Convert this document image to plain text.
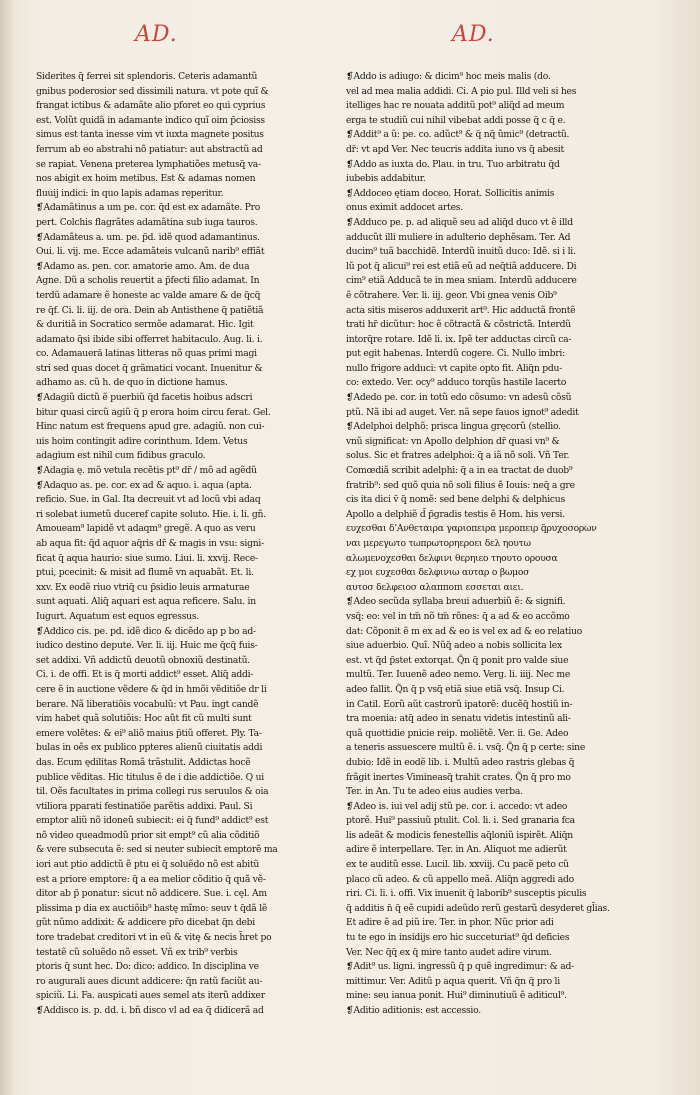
AD.	AD.
Siderites q̃ ferrei sit splendoris. Ceteris adamantũ
gnibus poderosior sed dissimili natura. vt pote quĩ &
frangat ictibus & adamãte alio pforet eo qui cyprius
est. Volũt quidã in adamante indico quĩ oim p̃ciosiss
simus est tanta inesse vim vt iuxta magnete positus
ferrum ab eo abstrahi nõ patiatur: aut abstractũ ad
se rapiat. Venena preterea lymphatiões metusq̃ va-
nos abigit ex hoim metibus. Est & adamas nomen
fluuij indici: in quo lapis adamas reperitur.
❡Adamãtinus a um pe. cor. q̃d est ex adamãte. Pro
pert. Colchis flagrãtes adamãtina sub iuga tauros.
❡Adamãteus a. um. pe. p̃d. idẽ quod adamantinus.
Oui. li. vij. me. Ecce adamãteis vulcanũ narib⁹ effiãt
❡Adamo as. pen. cor. amatorie amo. Am. de dua
Agne. Dũ a scholis reuertit a p̃fecti filio adamat. In
terdũ adamare ẽ honeste ac valde amare & de q̃cq̃
re q̃f. Ci. li. iij. de ora. Dein ab Antisthene q̃ patiẽtiã
& duritiã in Socratico sermõe adamarat. Hic. Igit
adamato q̃si ibide sibi offerret habitaculo. Aug. li. i.
co. Adamaueră latinas litteras nõ quas primi magi
stri sed quas docet q̃ grãmatici vocant. Inuenitur &
adhamo as. cũ h. de quo in dictione hamus.
❡Adagiũ dictũ ẽ puerbiũ q̃d facetis hoibus adscri
bitur quasi circũ agiũ q̃ p erora hoim circu ferat. Gel.
Hinc natum est frequens apud gre. adagiũ. non cui-
uis hoim contingit adire corinthum. Idem. Vetus
adagium est nihil cum fidibus graculo.
❡Adagia ę. mõ vetula recẽtis pt⁹ dr̃ / mõ ad agẽdũ
❡Adaquo as. pe. cor. ex ad & aquo. i. aqua (apta.
reficio. Sue. in Gal. Ita decreuit vt ad locũ vbi adaq
ri solebat iumetũ duceref capite soluto. Hie. i. li. gñ.
Amoueam⁹ lapidẽ vt adaqm⁹ gregẽ. A quo as veru
ab aqua fit: q̃d aquor aq̃ris dr̃ & magis in vsu: signi-
ficat q̃ aqua haurio: siue sumo. Liui. li. xxvij. Rece-
ptui, pcecinit: & misit ad flumẽ vn aquabãt. Et. li.
xxv. Ex eodẽ riuo vtriq̃ cu p̃sidio leuis armaturae
sunt aquati. Aliq̃ aquari est aqua reficere. Salu. in
Iugurt. Aquatum est equos egressus.
❡Addico cis. pe. pd. idẽ dico & dicẽdo ap p bo ad-
iudico destino depute. Ver. li. iij. Huic me q̃cq̃ fuis-
set addixi. Vñ addictũ deuotũ obnoxiũ destinatũ.
Ci. i. de offi. Et is q̃ morti addict⁹ esset. Aliq̃ addi-
cere ẽ in auctione vẽdere & q̃d in hmõi vẽditiõe dr li
berare. Nã liberatiõis vocabulũ: vt Pau. ingt candẽ
vim habet quã solutiõis: Hoc aũt fit cũ multi sunt
emere volẽtes: & ei⁹ aliõ maius p̃tiũ offeret. Ply. Ta-
bulas in oẽs ex publico ppteres alienũ ciuitatis addi
das. Ecum ędilitas Romã trãstulit. Addictas hocẽ
publice vẽditas. Hic titulus ẽ de i die addictiõe. Q ui
til. Oẽs facultates in prima collegi rus seruulos & oia
vtiliora pparati festinatiõe parẽtis addixi. Paul. Si
emptor aliũ nõ idoneũ subiecit: ei q̃ fund⁹ addict⁹ est
nõ video queadmodũ prior sit empt⁹ cũ alia cõditiõ
& vere subsecuta ẽ: sed si neuter subiecit emptorẽ ma
iori aut ptio addictũ ẽ ptu ei q̃ soluẽdo nõ est abitũ
est a priore emptore: q̃ a ea melior cõditio q̃ quã vẽ-
ditor ab p̃ ponatur: sicut nõ addicere. Sue. i. cęl. Am
plissima p dia ex auctiõib⁹ hastę mĩmo: seuv t q̃dã lẽ
gũt nũmo addixit: & addicere pr̃o dicebat q̃n debi
tore tradebat creditori vt in eũ & vitę & necis h̃ret po
testatẽ cũ soluẽdo nõ esset. Vñ ex trib⁹ verbis
ptoris q̃ sunt hec. Do: dico: addico. In disciplina ve
ro augurali aues dicunt addicere: q̃n ratũ faciũt au-
spiciũ. Li. Fa. auspicati aues semel ats iterũ addixer
❡Addisco is. p. dd. i. bñ disco vl ad ea q̃ didicerã ad
❡Addo is adiugo: & dicim⁹ hoc meis malis (do.
vel ad mea malia addidi. Ci. A pio pul. Illd veli si hes
itelliges hac re nouata additũ pot⁹ aliq̃d ad meum
erga te studiũ cui nihil vibebat addi posse q̃ c q̃ e.
❡Addit⁹ a ũ: pe. co. adũct⁹ & q̃ nq̃ ũmic⁹ (detractũ.
dr̃: vt apd Ver. Nec teucris addita iuno vs q̃ abesit
❡Addo as iuxta do. Plau. in tru. Tuo arbitratu q̃d
iubebis addabitur.
❡Addoceo ętiam doceo. Horat. Sollicitis animis
onus eximit addocet artes.
❡Adduco pe. p. ad aliquẽ seu ad aliq̃d duco vt ẽ illd
adducũt illi muliere in adulterio dephẽsam. Ter. Ad
ducim⁹ tuã bacchidẽ. Interdũ inuitũ duco: Idẽ. si i li.
lũ pot q̃ alicui⁹ rei est etiã eũ ad neq̃tiã adducere. Di
cim⁹ etiã Adducã te in mea sniam. Interdũ adducere
ẽ cõtrahere. Ver. li. iij. geor. Vbi gnea venis Oib⁹
acta sitis miseros adduxerit art⁹. Hic adductã frontẽ
trati hr̃ dicũtur: hoc ẽ cõtractã & cõstrictã. Interdũ
intorq̃re rotare. Idẽ li. ix. Ipẽ ter adductas circũ ca-
put egit habenas. Interdũ cogere. Ci. Nullo imbri:
nullo frigore adduci: vt capite opto fit. Aliq̃n pdu-
co: extedo. Ver. ocy⁹ adduco torqũs hastile lacerto
❡Adedo pe. cor. in totũ edo cõsumo: vn adesũ cõsũ
ptũ. Nã ibi ad auget. Ver. nã sepe fauos ignot⁹ adedit
❡Adelphoi delphõ: prisca lingua gręcorũ (stellio.
vnũ significat: vn Apollo delphion dr̃ quasi vn⁹ &
solus. Sic et fratres adelphoi: q̃ a iã nõ soli. Vñ Ter.
Comœdiã scribit adelphi: q̃ a in ea tractat de duob⁹
fratrib⁹: sed quõ quia nõ soli filius ẽ Iouis: neq̃ a gre
cis ita dici v̄ q̃ nomẽ: sed bene delphi & delphicus
Apollo a delphiẽ d̃ p̃gradis testis ẽ Hom. his versi.
ευχεσθαι δ’Ανθεταιρα γαριοπειρα μεροπειρ q̃ρυχοσορων
ναι μερεγωτο τωπρωτορηεροει δελ ηουτω
αλωμενοχεσθαι δελφινι θερηιεο τηουτο ορουσα
εχ μοι ευχεσθαι δελφινιω αυταρ ο βωμοσ
αυτοσ δελφειοσ αλαπποπι εσσεται αιει.
❡Adeo secũda syllaba breui aduerbiũ ẽ: & signifi.
vsq̃: eo: vel in tm̃ nõ tm̃ rõnes: q̃ a ad & eo accõmo
dat: Cõponit ẽ m ex ad & eo is vel ex ad & eo relatiuo
siue aduerbio. Quĩ. Nũq̃ adeo a nobis sollicita lex
est. vt q̃d p̃stet extorqat. Q̃n q̃ ponit pro valde siue
multũ. Ter. Iuuenẽ adeo nemo. Verg. li. iiij. Nec me
adeo fallit. Q̃n q̃ p vsq̃ etiã siue etiã vsq̃. Insup Ci.
in Catil. Eorũ aũt castrorũ ipatorẽ: ducẽq̃ hostiũ in-
tra moenia: atq̃ adeo in senatu videtis intestinũ ali-
quã quottidie pnicie reip. moliẽtẽ. Ver. ii. Ge. Adeo
a teneris assuescere multũ ẽ. i. vsq̃. Q̃n q̃ p certe: sine
dubio: Idẽ in eodẽ lib. i. Multũ adeo rastris glebas q̃
frãgit inertes Vimineasq̃ trahit crates. Q̃n q̃ pro mo
Ter. in An. Tu te adeo eius audies verba.
❡Adeo is. iui vel adij stũ pe. cor. i. accedo: vt adeo
ptorẽ. Hui⁹ passiuũ ptulit. Col. li. i. Sed granaria fca
lis adeãt & modicis fenestellis aq̃loniũ ispirẽt. Aliq̃n
adire ẽ interpellare. Ter. in An. Aliquot me adierũt
ex te auditũ esse. Lucil. lib. xxviij. Cu pacẽ peto cũ
placo cũ adeo. & cũ appello meã. Aliq̃n aggredi ado
riri. Ci. li. i. offi. Vix inuenit q̃ laborib⁹ susceptis piculis
q̃ additis n̄ q̃ eẽ cupidi adeũdo rerũ gestarũ desyderet gl̃ias.
Et adire ẽ ad piũ ire. Ter. in phor. Nũc prior adi
tu te ego in insidijs ero hic succeturiat⁹ q̃d deficies
Ver. Nec q̃q̃ ex q̃ mire tanto audet adire virum.
❡Adit⁹ us. ligni. ingressũ q̃ p quẽ ingredimur: & ad-
mittimur. Ver. Aditũ p aqua querit. Vñ q̃n q̃ pro li
mine: seu ianua ponit. Hui⁹ diminutiuũ ẽ aditicul⁹.
❡Aditio aditionis: est accessio.
